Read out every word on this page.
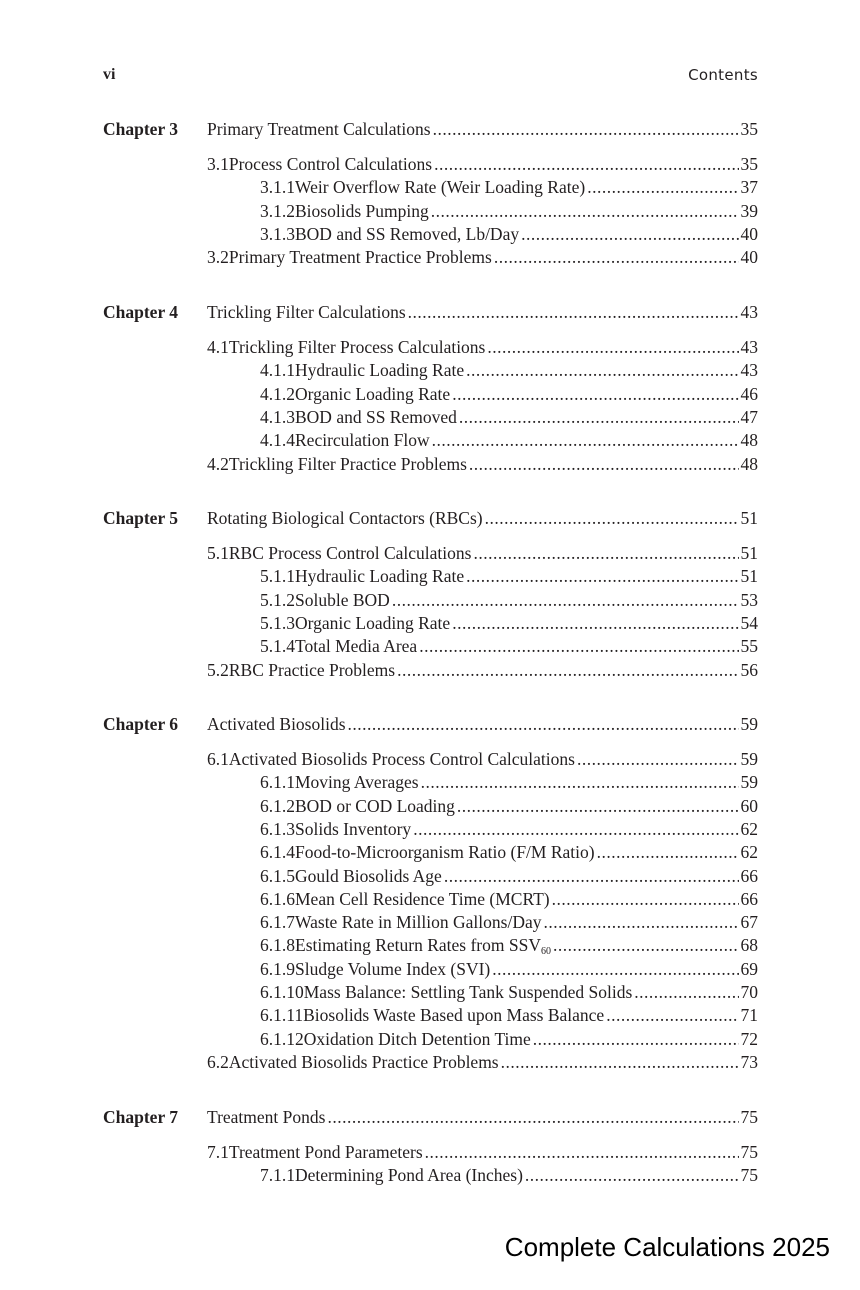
vi	Contents
Chapter 3 Primary Treatment Calculations .....	35
3.1 Process Control Calculations .....	35
3.1.1 Weir Overflow Rate (Weir Loading Rate) .....	37
3.1.2 Biosolids Pumping .....	39
3.1.3 BOD and SS Removed, Lb/Day .....	40
3.2 Primary Treatment Practice Problems .....	40
Chapter 4 Trickling Filter Calculations .....	43
4.1 Trickling Filter Process Calculations .....	43
4.1.1 Hydraulic Loading Rate .....	43
4.1.2 Organic Loading Rate .....	46
4.1.3 BOD and SS Removed .....	47
4.1.4 Recirculation Flow .....	48
4.2 Trickling Filter Practice Problems .....	48
Chapter 5 Rotating Biological Contactors (RBCs) .....	51
5.1 RBC Process Control Calculations .....	51
5.1.1 Hydraulic Loading Rate .....	51
5.1.2 Soluble BOD .....	53
5.1.3 Organic Loading Rate .....	54
5.1.4 Total Media Area .....	55
5.2 RBC Practice Problems .....	56
Chapter 6 Activated Biosolids .....	59
6.1 Activated Biosolids Process Control Calculations .....	59
6.1.1 Moving Averages .....	59
6.1.2 BOD or COD Loading .....	60
6.1.3 Solids Inventory .....	62
6.1.4 Food-to-Microorganism Ratio (F/M Ratio) .....	62
6.1.5 Gould Biosolids Age .....	66
6.1.6 Mean Cell Residence Time (MCRT) .....	66
6.1.7 Waste Rate in Million Gallons/Day .....	67
6.1.8 Estimating Return Rates from $SSV_{60}$ .....	68
6.1.9 Sludge Volume Index (SVI) .....	69
6.1.10 Mass Balance: Settling Tank Suspended Solids .....	70
6.1.11 Biosolids Waste Based upon Mass Balance .....	71
6.1.12 Oxidation Ditch Detention Time .....	72
6.2 Activated Biosolids Practice Problems .....	73
Chapter 7 Treatment Ponds .....	75
7.1 Treatment Pond Parameters .....	75
7.1.1 Determining Pond Area (Inches) .....	75
Complete Calculations 2025
